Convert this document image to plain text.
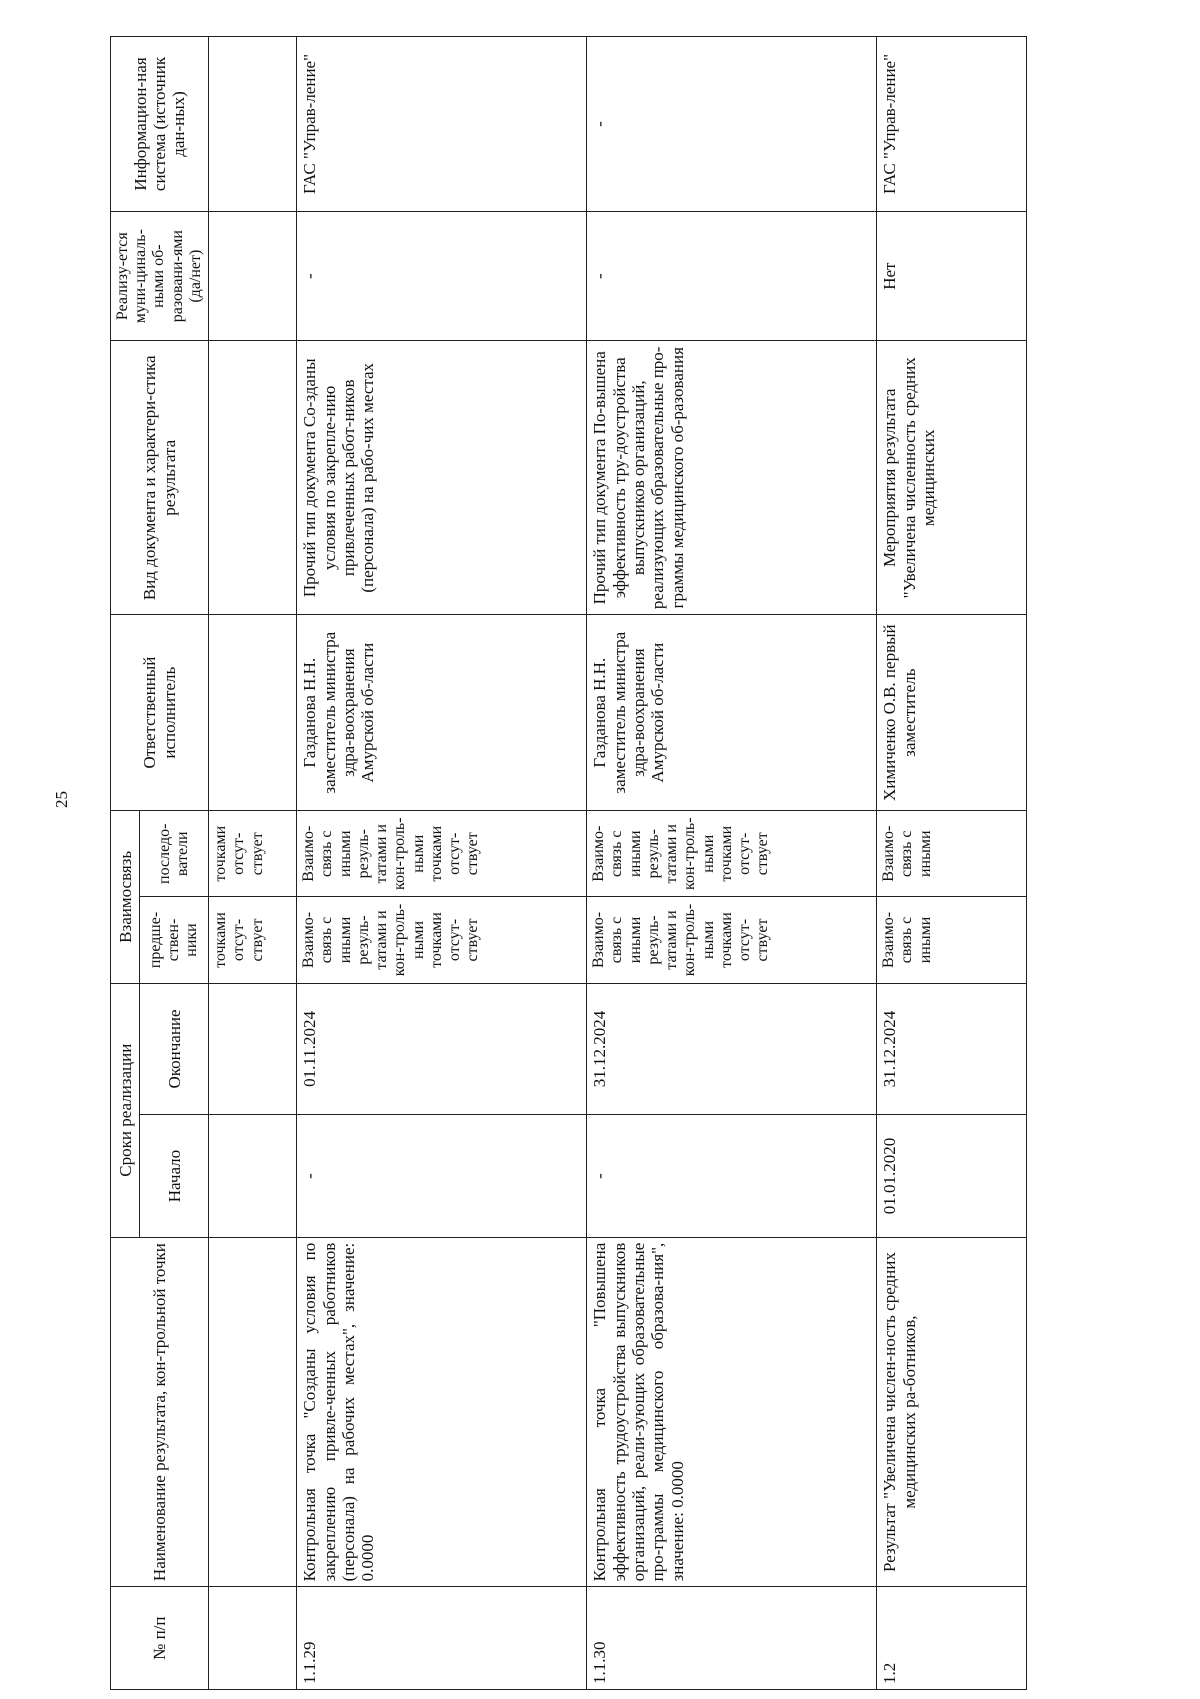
25
№ п/п	Наименование результата, кон-трольной точки	Сроки реализации		Взаимосвязь		Ответственный исполнитель	Вид документа и характери-стика результата	Реализу-ется муни-циналь-ными об-разовани-ями (да/нет)	Информацион-ная система (источник дан-ных)
		Начало	Окончание	предше-ствен-ники	последо-ватели				
				точками отсут-ствует	точками отсут-ствует				
1.1.29	Контрольная точка "Созданы условия по закреплению привле-ченных работников (персонала) на рабочих местах", значение: 0.0000	-	01.11.2024	Взаимо-связь с иными резуль-татами и кон-троль-ными точками отсут-ствует	Взаимо-связь с иными резуль-татами и кон-троль-ными точками отсут-ствует	Газданова Н.Н. заместитель министра здра-воохранения Амурской об-ласти	Прочий тип документа Со-зданы условия по закрепле-нию привлеченных работ-ников (персонала) на рабо-чих местах	-	ГАС "Управ-ление"
1.1.30	Контрольная точка "Повышена эффективность трудоустройства выпускников организаций, реали-зующих образовательные про-граммы медицинского образова-ния", значение: 0.0000	-	31.12.2024	Взаимо-связь с иными резуль-татами и кон-троль-ными точками отсут-ствует	Взаимо-связь с иными резуль-татами и кон-троль-ными точками отсут-ствует	Газданова Н.Н. заместитель министра здра-воохранения Амурской об-ласти	Прочий тип документа По-вышена эффективность тру-доустройства выпускников организаций, реализующих образовательные про-граммы медицинского об-разования	-	-
1.2	Результат "Увеличена числен-ность средних медицинских ра-ботников,	01.01.2020	31.12.2024	Взаимо-связь с иными	Взаимо-связь с иными	Химиченко О.В. первый заместитель	Мероприятия результата "Увеличена численность средних медицинских	Нет	ГАС "Управ-ление"
